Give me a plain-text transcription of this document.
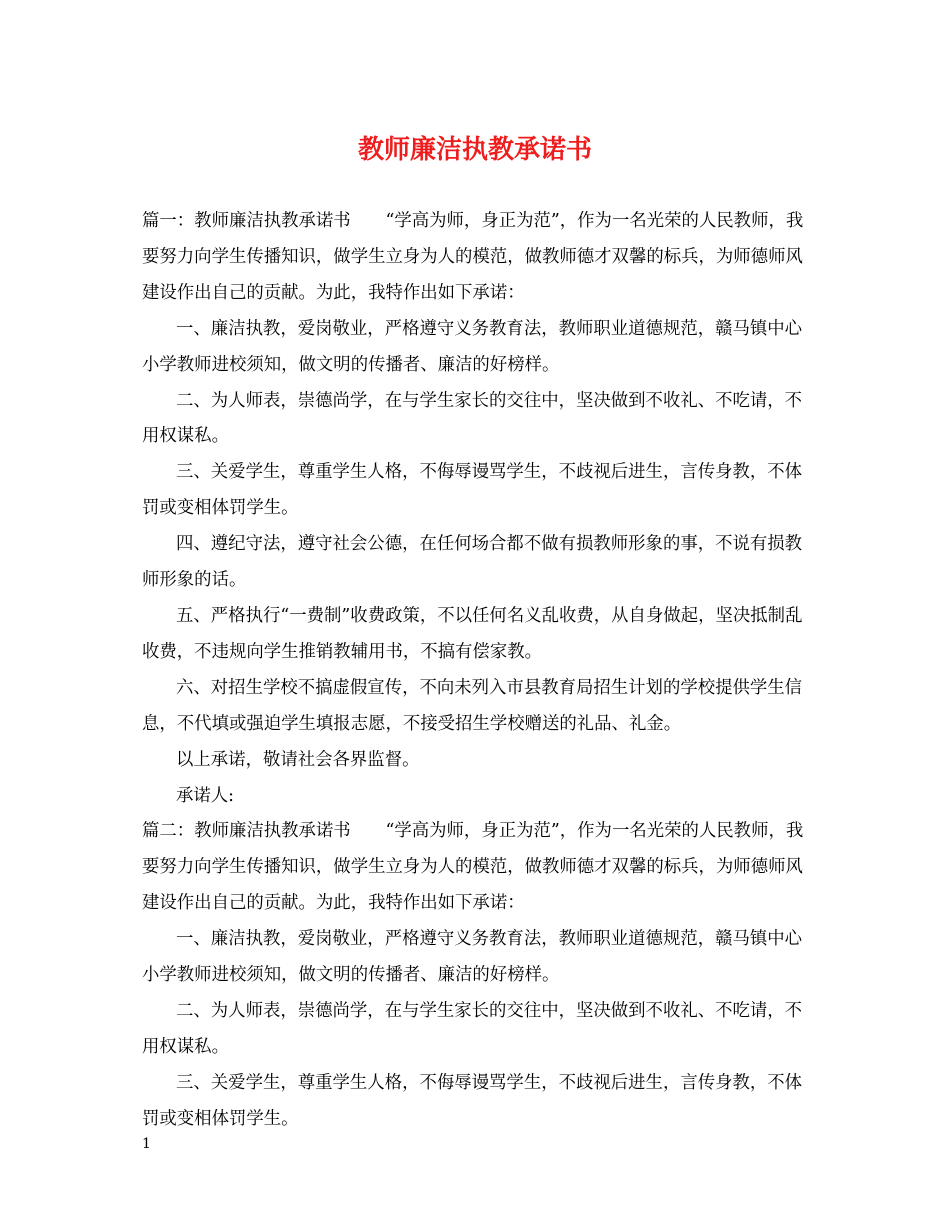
教师廉洁执教承诺书

篇一：教师廉洁执教承诺书　　“学高为师，身正为范”，作为一名光荣的人民教师，我要努力向学生传播知识，做学生立身为人的模范，做教师德才双馨的标兵，为师德师风建设作出自己的贡献。为此，我特作出如下承诺：

一、廉洁执教，爱岗敬业，严格遵守义务教育法，教师职业道德规范，赣马镇中心小学教师进校须知，做文明的传播者、廉洁的好榜样。

二、为人师表，崇德尚学，在与学生家长的交往中，坚决做到不收礼、不吃请，不用权谋私。

三、关爱学生，尊重学生人格，不侮辱谩骂学生，不歧视后进生，言传身教，不体罚或变相体罚学生。

四、遵纪守法，遵守社会公德，在任何场合都不做有损教师形象的事，不说有损教师形象的话。

五、严格执行“一费制”收费政策，不以任何名义乱收费，从自身做起，坚决抵制乱收费，不违规向学生推销教辅用书，不搞有偿家教。

六、对招生学校不搞虚假宣传，不向未列入市县教育局招生计划的学校提供学生信息，不代填或强迫学生填报志愿，不接受招生学校赠送的礼品、礼金。

以上承诺，敬请社会各界监督。

承诺人:

篇二：教师廉洁执教承诺书　　“学高为师，身正为范”，作为一名光荣的人民教师，我要努力向学生传播知识，做学生立身为人的模范，做教师德才双馨的标兵，为师德师风建设作出自己的贡献。为此，我特作出如下承诺：

一、廉洁执教，爱岗敬业，严格遵守义务教育法，教师职业道德规范，赣马镇中心小学教师进校须知，做文明的传播者、廉洁的好榜样。

二、为人师表，崇德尚学，在与学生家长的交往中，坚决做到不收礼、不吃请，不用权谋私。

三、关爱学生，尊重学生人格，不侮辱谩骂学生，不歧视后进生，言传身教，不体罚或变相体罚学生。

1
